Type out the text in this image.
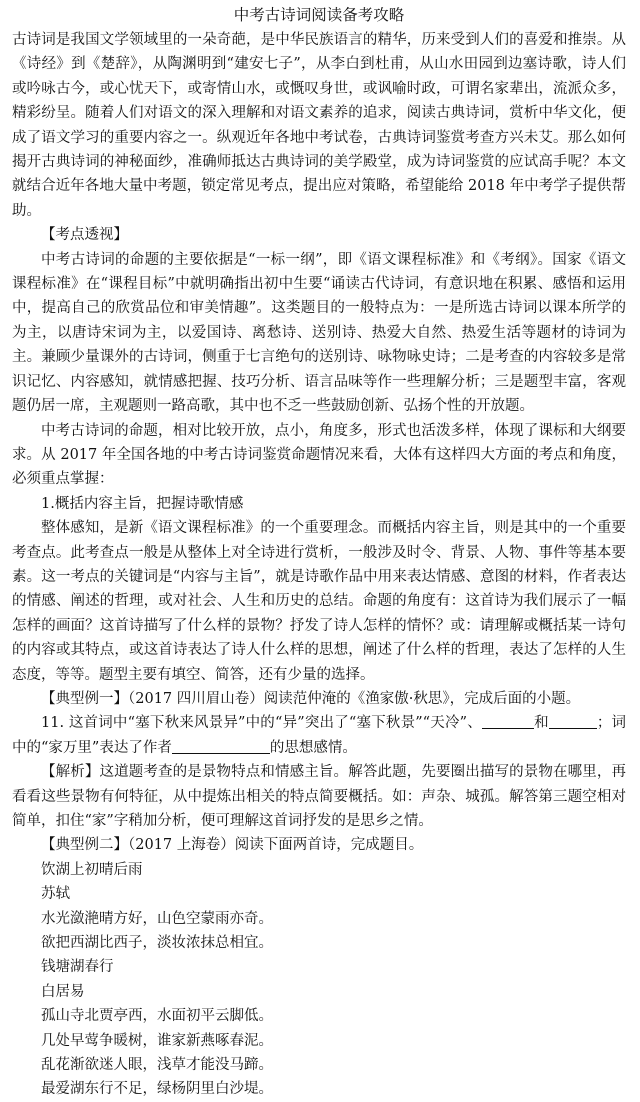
中考古诗词阅读备考攻略

古诗词是我国文学领域里的一朵奇葩，是中华民族语言的精华，历来受到人们的喜爱和推崇。从《诗经》到《楚辞》，从陶渊明到“建安七子”，从李白到杜甫，从山水田园到边塞诗歌，诗人们或吟咏古今，或心忧天下，或寄情山水，或慨叹身世，或讽喻时政，可谓名家辈出，流派众多，精彩纷呈。随着人们对语文的深入理解和对语文素养的追求，阅读古典诗词，赏析中华文化，便成了语文学习的重要内容之一。纵观近年各地中考试卷，古典诗词鉴赏考查方兴未艾。那么如何揭开古典诗词的神秘面纱，准确师抵达古典诗词的美学殿堂，成为诗词鉴赏的应试高手呢？本文就结合近年各地大量中考题，锁定常见考点，提出应对策略，希望能给 2018 年中考学子提供帮助。

【考点透视】

中考古诗词的命题的主要依据是“一标一纲”，即《语文课程标准》和《考纲》。国家《语文课程标准》在“课程目标”中就明确指出初中生要“诵读古代诗词，有意识地在积累、感悟和运用中，提高自己的欣赏品位和审美情趣”。这类题目的一般特点为：一是所选古诗词以课本所学的为主，以唐诗宋词为主，以爱国诗、离愁诗、送别诗、热爱大自然、热爱生活等题材的诗词为主。兼顾少量课外的古诗词，侧重于七言绝句的送别诗、咏物咏史诗；二是考查的内容较多是常识记忆、内容感知，就情感把握、技巧分析、语言品味等作一些理解分析；三是题型丰富，客观题仍居一席，主观题则一路高歌，其中也不乏一些鼓励创新、弘扬个性的开放题。

中考古诗词的命题，相对比较开放，点小，角度多，形式也活泼多样，体现了课标和大纲要求。从 2017 年全国各地的中考古诗词鉴赏命题情况来看，大体有这样四大方面的考点和角度，必须重点掌握：

1.概括内容主旨，把握诗歌情感

整体感知，是新《语文课程标准》的一个重要理念。而概括内容主旨，则是其中的一个重要考查点。此考查点一般是从整体上对全诗进行赏析，一般涉及时令、背景、人物、事件等基本要素。这一考点的关键词是“内容与主旨”，就是诗歌作品中用来表达情感、意图的材料，作者表达的情感、阐述的哲理，或对社会、人生和历史的总结。命题的角度有：这首诗为我们展示了一幅怎样的画面？这首诗描写了什么样的景物？抒发了诗人怎样的情怀？或：请理解或概括某一诗句的内容或其特点，或这首诗表达了诗人什么样的思想，阐述了什么样的哲理，表达了怎样的人生态度，等等。题型主要有填空、简答，还有少量的选择。

【典型例一】（2017 四川眉山卷）阅读范仲淹的《渔家傲·秋思》，完成后面的小题。

11. 这首词中“塞下秋来风景异”中的“异”突出了“塞下秋景”“天冷”、	和	；词中的“家万里”表达了作者	的思想感情。

【解析】这道题考查的是景物特点和情感主旨。解答此题，先要圈出描写的景物在哪里，再看看这些景物有何特征，从中提炼出相关的特点简要概括。如：声杂、城孤。解答第三题空相对简单，扣住“家”字稍加分析，便可理解这首词抒发的是思乡之情。

【典型例二】（2017 上海卷）阅读下面两首诗，完成题目。

饮湖上初晴后雨

苏轼

水光潋滟晴方好，山色空蒙雨亦奇。

欲把西湖比西子，淡妆浓抹总相宜。

钱塘湖春行

白居易

孤山寺北贾亭西，水面初平云脚低。

几处早莺争暖树，谁家新燕啄春泥。

乱花渐欲迷人眼，浅草才能没马蹄。

最爱湖东行不足，绿杨阴里白沙堤。
